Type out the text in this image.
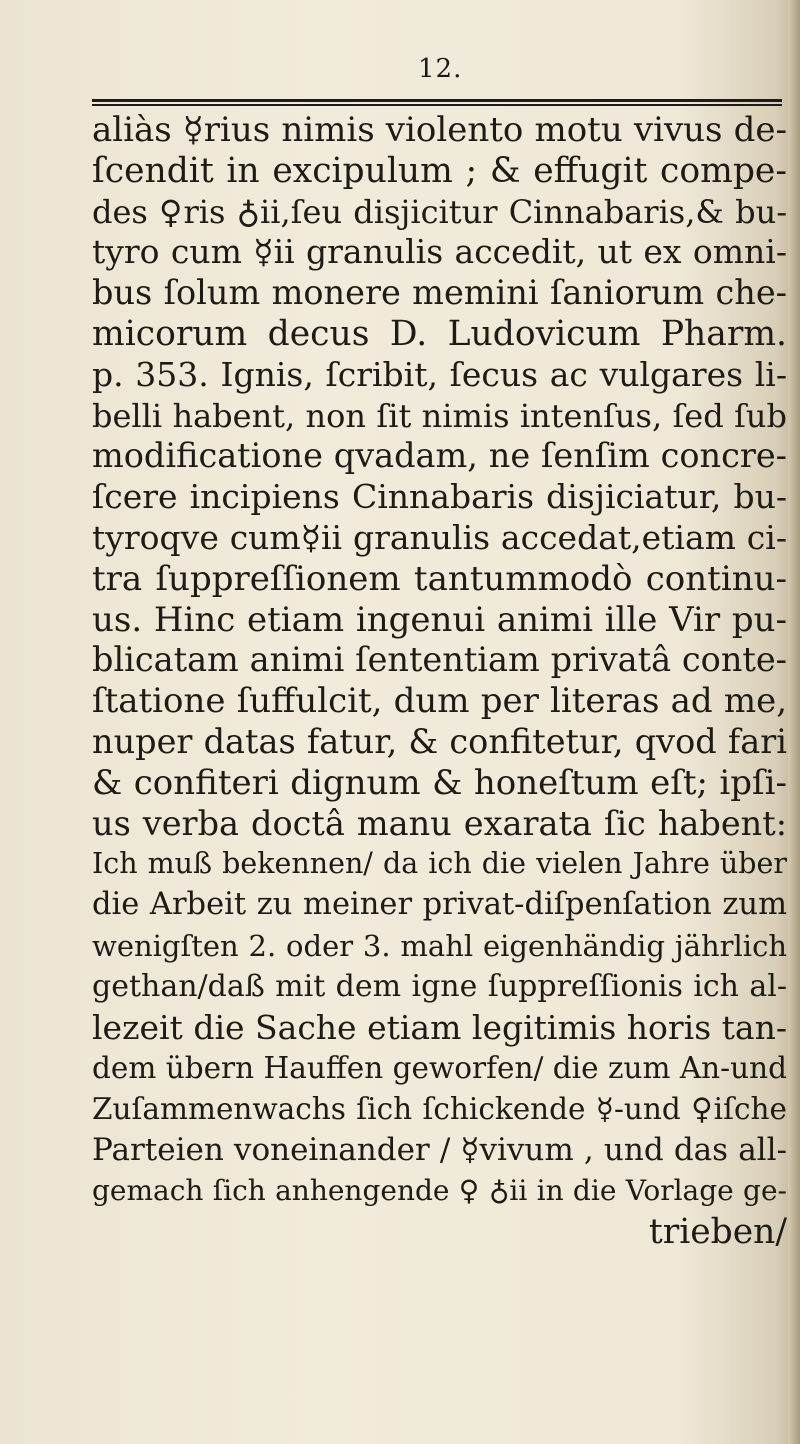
12.
aliàs ☿rius nimis violento motu vivus de-
ſcendit in excipulum ; & effugit compe-
des ♀ris ♁ii,ſeu disjicitur Cinnabaris,& bu-
tyro cum ☿ii granulis accedit, ut ex omni-
bus ſolum monere memini ſaniorum che-
micorum decus D. Ludovicum Pharm.
p. 353. Ignis, ſcribit, ſecus ac vulgares li-
belli habent, non ſit nimis intenſus, ſed ſub
modificatione qvadam, ne ſenſim concre-
ſcere incipiens Cinnabaris disjiciatur, bu-
tyroqve cum☿ii granulis accedat,etiam ci-
tra ſuppreſſionem tantummodò continu-
us. Hinc etiam ingenui animi ille Vir pu-
blicatam animi ſententiam privatâ conte-
ſtatione ſuffulcit, dum per literas ad me,
nuper datas fatur, & confitetur, qvod fari
& confiteri dignum & honeſtum eſt; ipſi-
us verba doctâ manu exarata ſic habent:
Ich muß bekennen/ da ich die vielen Jahre über
die Arbeit zu meiner privat-diſpenſation zum
wenigſten 2. oder 3. mahl eigenhändig jährlich
gethan/daß mit dem igne ſuppreſſionis ich al-
lezeit die Sache etiam legitimis horis tan-
dem übern Hauffen geworfen/ die zum An-und
Zuſammenwachs ſich ſchickende ☿-und ♀iſche
Parteien voneinander / ☿vivum , und das all-
gemach ſich anhengende ♀ ♁ii in die Vorlage ge-
trieben/
